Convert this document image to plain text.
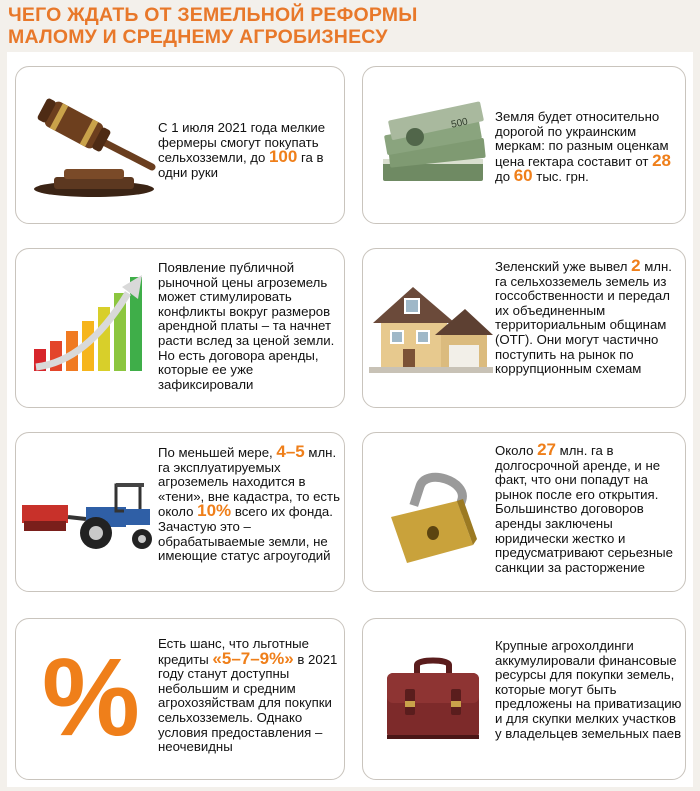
ЧЕГО ЖДАТЬ ОТ ЗЕМЕЛЬНОЙ РЕФОРМЫ
МАЛОМУ И СРЕДНЕМУ АГРОБИЗНЕСУ
С 1 июля 2021 года мелкие фермеры смогут покупать сельхозземли, до 100 га в одни руки
500 Земля будет относительно дорогой по украинским меркам: по разным оценкам цена гектара составит от 28 до 60 тыс. грн.
Появление публичной рыночной цены агроземель может стимулировать конфликты вокруг размеров арендной платы – та начнет расти вслед за ценой земли. Но есть договора аренды, которые ее уже зафиксировали
Зеленский уже вывел 2 млн. га сельхозземель земель из госсобственности и передал их объединенным территориальным общинам (ОТГ). Они могут частично поступить на рынок по коррупционным схемам
По меньшей мере, 4–5 млн. га эксплуатируемых агроземель находится в «тени», вне кадастра, то есть около 10% всего их фонда. Зачастую это – обрабатываемые земли, не имеющие статус агроугодий
Около 27 млн. га в долгосрочной аренде, и не факт, что они попадут на рынок после его открытия. Большинство договоров аренды заключены юридически жестко и предусматривают серьезные санкции за расторжение
% Есть шанс, что льготные кредиты «5–7–9%» в 2021 году станут доступны небольшим и средним агрохозяйствам для покупки сельхозземель. Однако условия предоставления – неочевидны
Крупные агрохолдинги аккумулировали финансовые ресурсы для покупки земель, которые могут быть предложены на приватизацию и для скупки мелких участков у владельцев земельных паев
